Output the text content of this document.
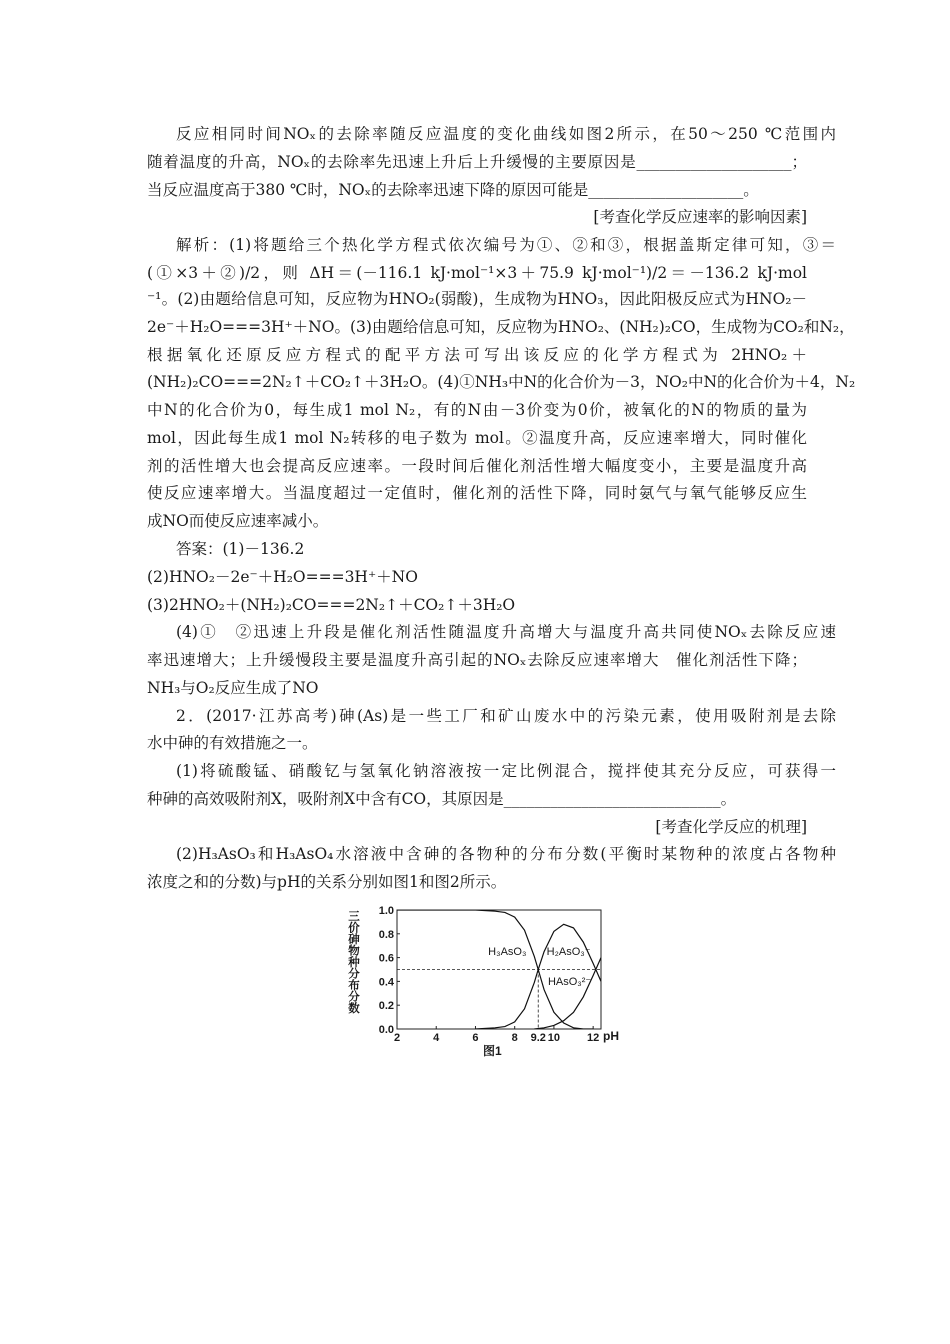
反应相同时间NOₓ的去除率随反应温度的变化曲线如图2所示，在50～250 ℃范围内
随着温度的升高，NOₓ的去除率先迅速上升后上升缓慢的主要原因是____________________；
当反应温度高于380 ℃时，NOₓ的去除率迅速下降的原因可能是____________________。
[考查化学反应速率的影响因素]
解析：(1)将题给三个热化学方程式依次编号为①、②和③，根据盖斯定律可知，③＝
(①×3＋②)/2，则 ΔH＝(－116.1 kJ·mol⁻¹×3＋75.9 kJ·mol⁻¹)/2＝－136.2 kJ·mol
⁻¹。(2)由题给信息可知，反应物为HNO₂(弱酸)，生成物为HNO₃，因此阳极反应式为HNO₂－
2e⁻＋H₂O===3H⁺＋NO。(3)由题给信息可知，反应物为HNO₂、(NH₂)₂CO，生成物为CO₂和N₂，
根据氧化还原反应方程式的配平方法可写出该反应的化学方程式为 2HNO₂＋
(NH₂)₂CO===2N₂↑＋CO₂↑＋3H₂O。(4)①NH₃中N的化合价为－3，NO₂中N的化合价为＋4，N₂
中N的化合价为0，每生成1 mol N₂，有的N由－3价变为0价，被氧化的N的物质的量为
mol，因此每生成1 mol N₂转移的电子数为 mol。②温度升高，反应速率增大，同时催化
剂的活性增大也会提高反应速率。一段时间后催化剂活性增大幅度变小，主要是温度升高
使反应速率增大。当温度超过一定值时，催化剂的活性下降，同时氨气与氧气能够反应生
成NO而使反应速率减小。
答案：(1)－136.2
(2)HNO₂－2e⁻＋H₂O===3H⁺＋NO
(3)2HNO₂＋(NH₂)₂CO===2N₂↑＋CO₂↑＋3H₂O
(4)①　②迅速上升段是催化剂活性随温度升高增大与温度升高共同使NOₓ去除反应速
率迅速增大；上升缓慢段主要是温度升高引起的NOₓ去除反应速率增大　催化剂活性下降；
NH₃与O₂反应生成了NO
2．(2017·江苏高考)砷(As)是一些工厂和矿山废水中的污染元素，使用吸附剂是去除
水中砷的有效措施之一。
(1)将硫酸锰、硝酸钇与氢氧化钠溶液按一定比例混合，搅拌使其充分反应，可获得一
种砷的高效吸附剂X，吸附剂X中含有CO，其原因是____________________________。
[考查化学反应的机理]
(2)H₃AsO₃和H₃AsO₄水溶液中含砷的各物种的分布分数(平衡时某物种的浓度占各物种
浓度之和的分数)与pH的关系分别如图1和图2所示。
三价砷物种分布分数
0.0
0.2
0.4
0.6
0.8
1.0
2	4	6	8	10 12
9.2
H₃AsO₃ H₂AsO₃⁻
HAsO₃²⁻
pH
图1
